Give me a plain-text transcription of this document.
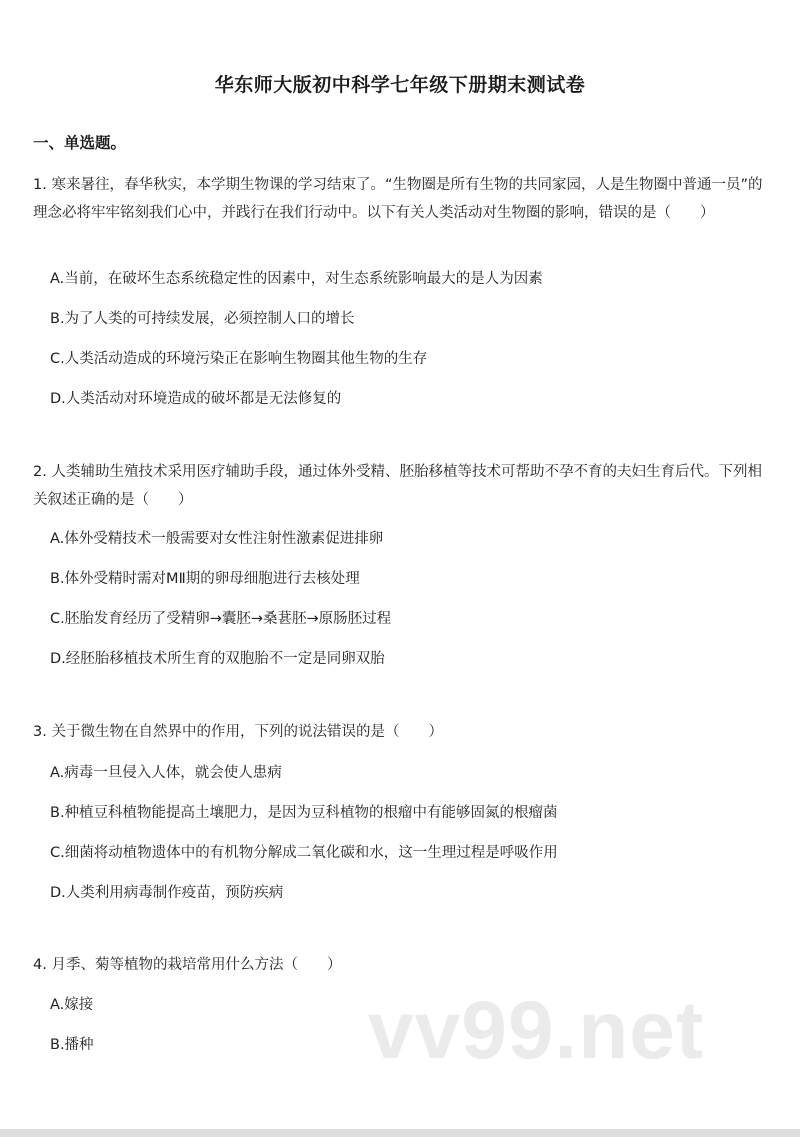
华东师大版初中科学七年级下册期末测试卷
一、单选题。
1. 寒来暑往，春华秋实，本学期生物课的学习结束了。“生物圈是所有生物的共同家园，人是生物圈中普通一员”的理念必将牢牢铭刻我们心中，并践行在我们行动中。以下有关人类活动对生物圈的影响，错误的是（　　）
A.当前，在破坏生态系统稳定性的因素中，对生态系统影响最大的是人为因素
B.为了人类的可持续发展，必须控制人口的增长
C.人类活动造成的环境污染正在影响生物圈其他生物的生存
D.人类活动对环境造成的破坏都是无法修复的
2. 人类辅助生殖技术采用医疗辅助手段，通过体外受精、胚胎移植等技术可帮助不孕不育的夫妇生育后代。下列相关叙述正确的是（　　）
A.体外受精技术一般需要对女性注射性激素促进排卵
B.体外受精时需对MⅡ期的卵母细胞进行去核处理
C.胚胎发育经历了受精卵→囊胚→桑葚胚→原肠胚过程
D.经胚胎移植技术所生育的双胞胎不一定是同卵双胎
3. 关于微生物在自然界中的作用，下列的说法错误的是（　　）
A.病毒一旦侵入人体，就会使人患病
B.种植豆科植物能提高土壤肥力，是因为豆科植物的根瘤中有能够固氮的根瘤菌
C.细菌将动植物遗体中的有机物分解成二氧化碳和水，这一生理过程是呼吸作用
D.人类利用病毒制作疫苗，预防疾病
4. 月季、菊等植物的栽培常用什么方法（　　）
A.嫁接
B.播种	vv99.net
